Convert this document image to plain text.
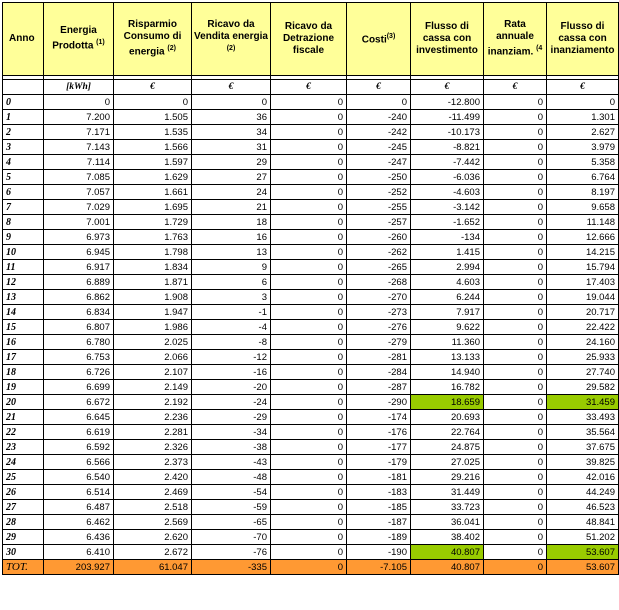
Anno	Energia Prodotta $^{(1)}$	Risparmio Consumo di energia $^{(2)}$	Ricavo da Vendita energia $^{(2)}$	Ricavo da Detrazione fiscale	Costi$^{(3)}$	Flusso di cassa con investimento	Rata annuale inanziam. $^{(4}$	Flusso di cassa con inanziamento

	[kWh]	€	€	€	€	€	€	€
0	0	0	0	0	0	-12.800	0	0
1	7.200	1.505	36	0	-240	-11.499	0	1.301
2	7.171	1.535	34	0	-242	-10.173	0	2.627
3	7.143	1.566	31	0	-245	-8.821	0	3.979
4	7.114	1.597	29	0	-247	-7.442	0	5.358
5	7.085	1.629	27	0	-250	-6.036	0	6.764
6	7.057	1.661	24	0	-252	-4.603	0	8.197
7	7.029	1.695	21	0	-255	-3.142	0	9.658
8	7.001	1.729	18	0	-257	-1.652	0	11.148
9	6.973	1.763	16	0	-260	-134	0	12.666
10	6.945	1.798	13	0	-262	1.415	0	14.215
11	6.917	1.834	9	0	-265	2.994	0	15.794
12	6.889	1.871	6	0	-268	4.603	0	17.403
13	6.862	1.908	3	0	-270	6.244	0	19.044
14	6.834	1.947	-1	0	-273	7.917	0	20.717
15	6.807	1.986	-4	0	-276	9.622	0	22.422
16	6.780	2.025	-8	0	-279	11.360	0	24.160
17	6.753	2.066	-12	0	-281	13.133	0	25.933
18	6.726	2.107	-16	0	-284	14.940	0	27.740
19	6.699	2.149	-20	0	-287	16.782	0	29.582
20	6.672	2.192	-24	0	-290	18.659	0	31.459
21	6.645	2.236	-29	0	-174	20.693	0	33.493
22	6.619	2.281	-34	0	-176	22.764	0	35.564
23	6.592	2.326	-38	0	-177	24.875	0	37.675
24	6.566	2.373	-43	0	-179	27.025	0	39.825
25	6.540	2.420	-48	0	-181	29.216	0	42.016
26	6.514	2.469	-54	0	-183	31.449	0	44.249
27	6.487	2.518	-59	0	-185	33.723	0	46.523
28	6.462	2.569	-65	0	-187	36.041	0	48.841
29	6.436	2.620	-70	0	-189	38.402	0	51.202
30	6.410	2.672	-76	0	-190	40.807	0	53.607
TOT.	203.927	61.047	-335	0	-7.105	40.807	0	53.607
